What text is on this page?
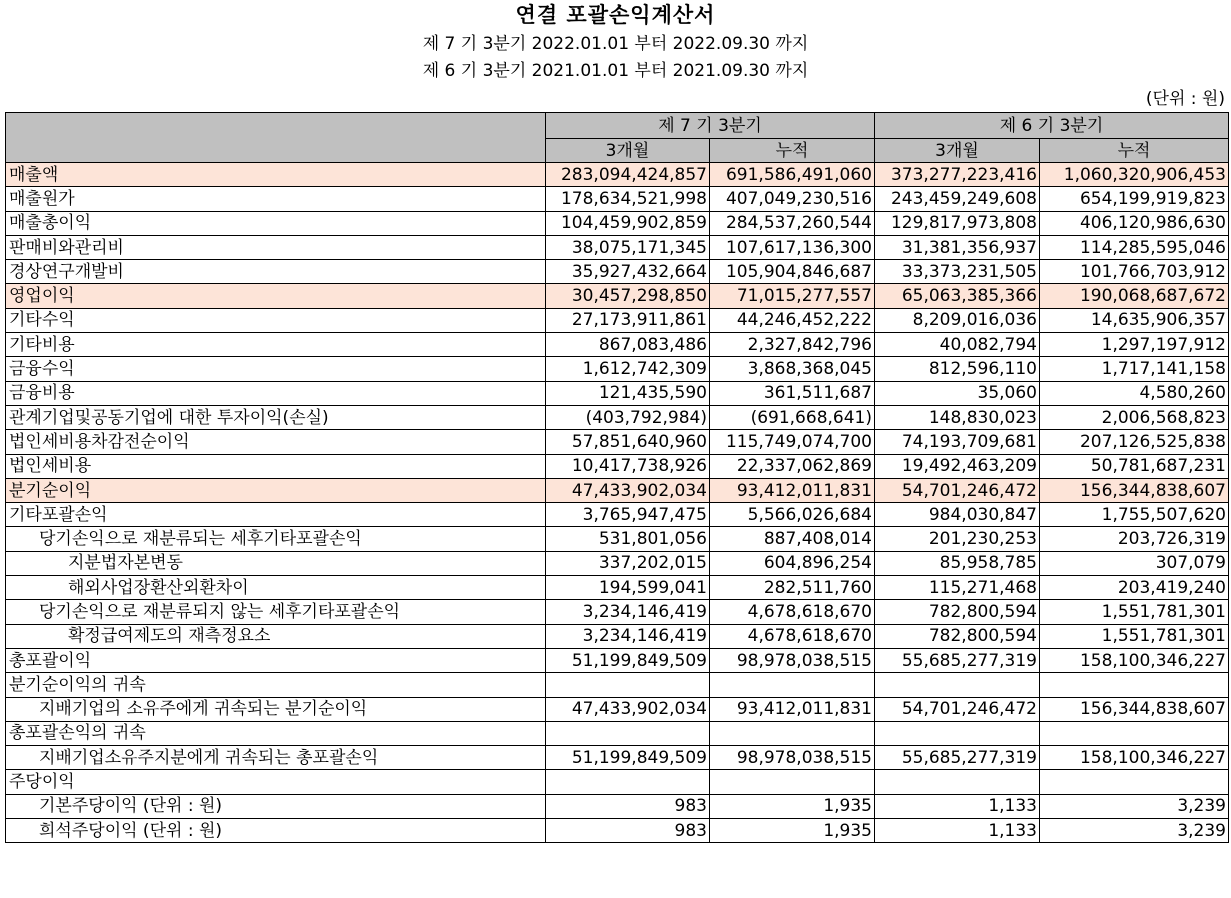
연결 포괄손익계산서
제 7 기 3분기 2022.01.01 부터 2022.09.30 까지
제 6 기 3분기 2021.01.01 부터 2021.09.30 까지
(단위 : 원)
	제 7 기 3분기		제 6 기 3분기	
	3개월	누적	3개월	누적
매출액	283,094,424,857	691,586,491,060	373,277,223,416	1,060,320,906,453
매출원가	178,634,521,998	407,049,230,516	243,459,249,608	654,199,919,823
매출총이익	104,459,902,859	284,537,260,544	129,817,973,808	406,120,986,630
판매비와관리비	38,075,171,345	107,617,136,300	31,381,356,937	114,285,595,046
경상연구개발비	35,927,432,664	105,904,846,687	33,373,231,505	101,766,703,912
영업이익	30,457,298,850	71,015,277,557	65,063,385,366	190,068,687,672
기타수익	27,173,911,861	44,246,452,222	8,209,016,036	14,635,906,357
기타비용	867,083,486	2,327,842,796	40,082,794	1,297,197,912
금융수익	1,612,742,309	3,868,368,045	812,596,110	1,717,141,158
금융비용	121,435,590	361,511,687	35,060	4,580,260
관계기업및공동기업에 대한 투자이익(손실)	(403,792,984)	(691,668,641)	148,830,023	2,006,568,823
법인세비용차감전순이익	57,851,640,960	115,749,074,700	74,193,709,681	207,126,525,838
법인세비용	10,417,738,926	22,337,062,869	19,492,463,209	50,781,687,231
분기순이익	47,433,902,034	93,412,011,831	54,701,246,472	156,344,838,607
기타포괄손익	3,765,947,475	5,566,026,684	984,030,847	1,755,507,620
당기손익으로 재분류되는 세후기타포괄손익	531,801,056	887,408,014	201,230,253	203,726,319
지분법자본변동	337,202,015	604,896,254	85,958,785	307,079
해외사업장환산외환차이	194,599,041	282,511,760	115,271,468	203,419,240
당기손익으로 재분류되지 않는 세후기타포괄손익	3,234,146,419	4,678,618,670	782,800,594	1,551,781,301
확정급여제도의 재측정요소	3,234,146,419	4,678,618,670	782,800,594	1,551,781,301
총포괄이익	51,199,849,509	98,978,038,515	55,685,277,319	158,100,346,227
분기순이익의 귀속				
지배기업의 소유주에게 귀속되는 분기순이익	47,433,902,034	93,412,011,831	54,701,246,472	156,344,838,607
총포괄손익의 귀속				
지배기업소유주지분에게 귀속되는 총포괄손익	51,199,849,509	98,978,038,515	55,685,277,319	158,100,346,227
주당이익				
기본주당이익 (단위 : 원)	983	1,935	1,133	3,239
희석주당이익 (단위 : 원)	983	1,935	1,133	3,239
